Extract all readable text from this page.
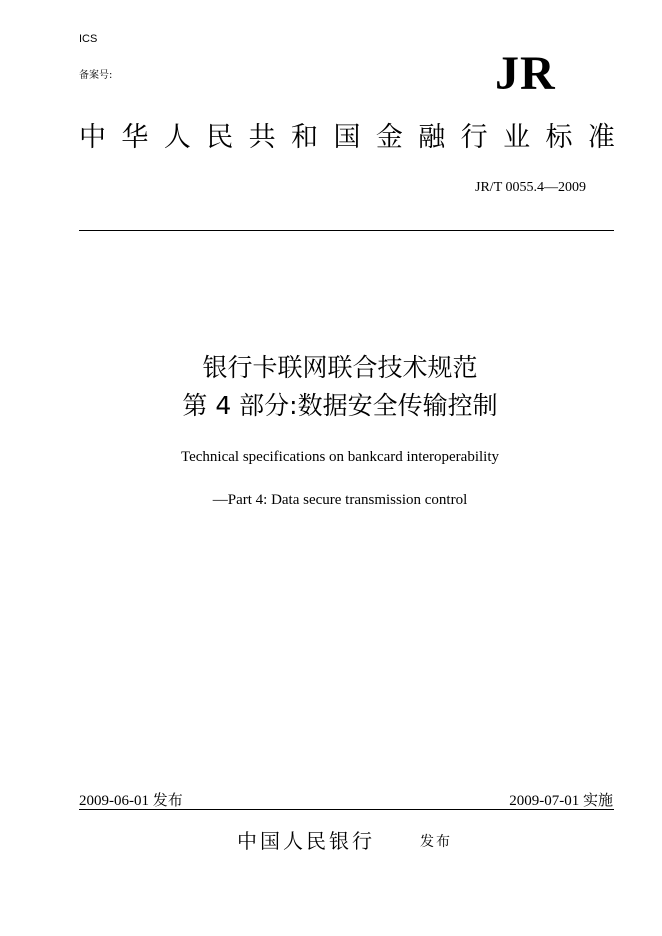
ICS
备案号:	JR
中 华 人 民 共 和 国 金 融 行 业 标 准
JR/T 0055.4—2009
银行卡联网联合技术规范
第 4 部分:数据安全传输控制
Technical specifications on bankcard interoperability
—Part 4: Data secure transmission control
2009-06-01 发布	2009-07-01 实施
中国人民银行	发布
